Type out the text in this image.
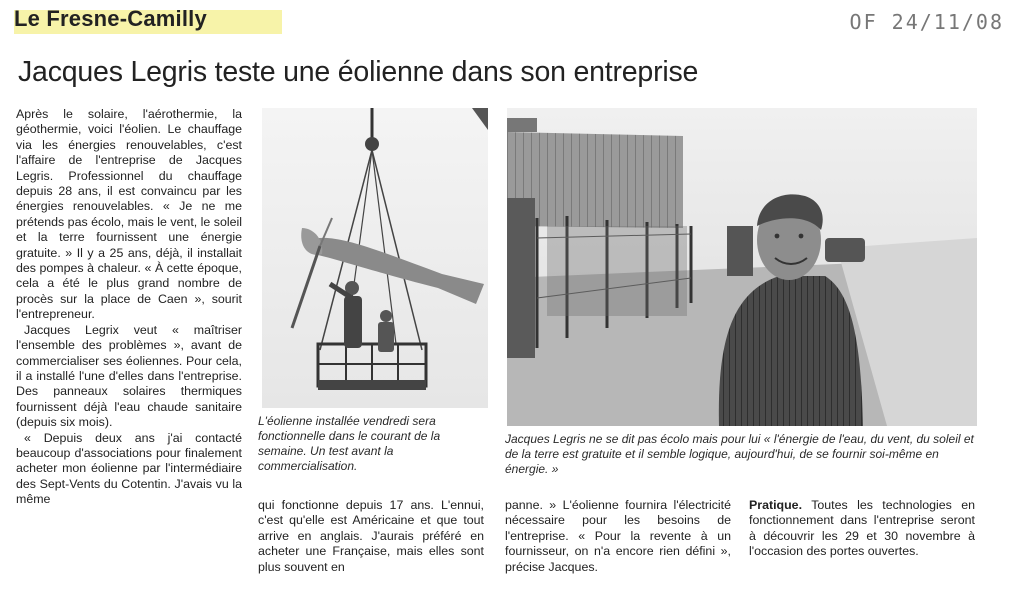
Le Fresne-Camilly	OF 24/11/08
Jacques Legris teste une éolienne dans son entreprise

Après le solaire, l'aérothermie, la géothermie, voici l'éolien. Le chauffage via les énergies renouvelables, c'est l'affaire de l'entreprise de Jacques Legris. Professionnel du chauffage depuis 28 ans, il est convaincu par les énergies renouvelables. « Je ne me prétends pas écolo, mais le vent, le soleil et la terre fournissent une énergie gratuite. » Il y a 25 ans, déjà, il installait des pompes à chaleur. « À cette époque, cela a été le plus grand nombre de procès sur la place de Caen », sourit l'entrepreneur.

Jacques Legrix veut « maîtriser l'ensemble des problèmes », avant de commercialiser ses éoliennes. Pour cela, il a installé l'une d'elles dans l'entreprise. Des panneaux solaires thermiques fournissent déjà l'eau chaude sanitaire (depuis six mois).

« Depuis deux ans j'ai contacté beaucoup d'associations pour finalement acheter mon éolienne par l'intermédiaire des Sept-Vents du Cotentin. J'avais vu la même

L'éolienne installée vendredi sera fonctionnelle dans le courant de la semaine. Un test avant la commercialisation.
Jacques Legris ne se dit pas écolo mais pour lui « l'énergie de l'eau, du vent, du soleil et de la terre est gratuite et il semble logique, aujourd'hui, de se fournir soi-même en énergie. »

qui fonctionne depuis 17 ans. L'ennui, c'est qu'elle est Américaine et que tout arrive en anglais. J'aurais préféré en acheter une Française, mais elles sont plus souvent en

panne. » L'éolienne fournira l'électricité nécessaire pour les besoins de l'entreprise. « Pour la revente à un fournisseur, on n'a encore rien défini », précise Jacques.

Pratique. Toutes les technologies en fonctionnement dans l'entreprise seront à découvrir les 29 et 30 novembre à l'occasion des portes ouvertes.
